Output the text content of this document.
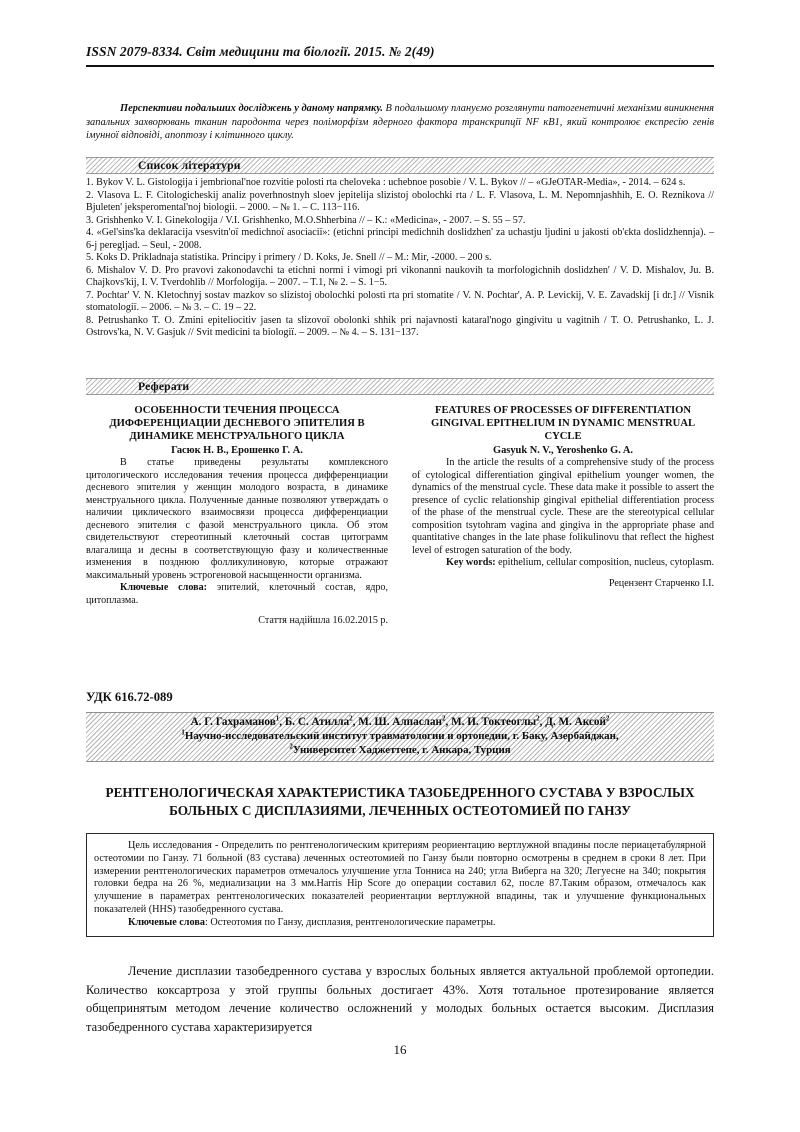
ISSN 2079-8334. Світ медицини та біології. 2015. № 2(49)

Перспективи подальших досліджень у даному напрямку. В подальшому плануємо розглянути патогенетичні механізми виникнення запальних захворювань тканин пародонта через поліморфізм ядерного фактора транскрипції NF кВ1, який контролює експресію генів імунної відповіді, апоптозу і клітинного циклу.

Список літератури

1. Bykov V. L. Gistologija i jembrional'noe rozvitie polosti rta cheloveka : uchebnoe posobie / V. L. Bykov // – «GJeOTAR-Media», - 2014. – 624 s.

2. Vlasova L. F. Citologicheskij analiz poverhnostnyh sloev jepitelija slizistoj obolochki rta / L. F. Vlasova, L. M. Nepomnjashhih, E. O. Reznikova // Bjuleten' jeksperomental'noj biologii. – 2000. – № 1. – С. 113−116.

3. Grishhenko V. I. Ginekologija / V.I. Grishhenko, M.O.Shherbina // – K.: «Medicina», - 2007. – S. 55 – 57.

4. «Gel'sins'ka deklaracija vsesvitn'oї medichnoї asociaciї»: (etichni principi medichnih doslidzhen' za uchastju ljudini u jakosti ob'єkta doslidzhennja). – 6-j peregljad. – Seul, - 2008.

5. Koks D. Prikladnaja statistika. Principy i primery / D. Koks, Je. Snell // – M.: Mir, -2000. – 200 s.

6. Mishalov V. D. Pro pravovi zakonodavchi ta etichni normi i vimogi pri vikonanni naukovih ta morfologichnih doslidzhen' / V. D. Mishalov, Ju. B. Chajkovs'kij, I. V. Tverdohlib // Morfologija. – 2007. – T.1, № 2. – S. 1−5.

7. Pochtar' V. N. Kletochnyj sostav mazkov so slizistoj obolochki polosti rta pri stomatite / V. N. Pochtar', A. P. Levickij, V. E. Zavadskij [i dr.] // Visnik stomatologiї. – 2006. – № 3. – С. 19 – 22.

8. Petrushanko T. O. Zmini epiteliocitiv jasen ta slizovoї obolonki shhik pri najavnosti kataral'nogo gingivitu u vagitnih / T. O. Petrushanko, L. J. Ostrovs'ka, N. V. Gasjuk // Svit medicini ta biologiї. – 2009. – № 4. – S. 131−137.

Реферати

ОСОБЕННОСТИ ТЕЧЕНИЯ ПРОЦЕССА ДИФФЕРЕНЦИАЦИИ ДЕСНЕВОГО ЭПИТЕЛИЯ В ДИНАМИКЕ МЕНСТРУАЛЬНОГО ЦИКЛА

Гасюк Н. В., Ерошенко Г. А.

В статье приведены результаты комплексного цитологического исследования течения процесса дифференциации десневого эпителия у женщин молодого возраста, в динамике менструального цикла. Полученные данные позволяют утверждать о наличии циклического взаимосвязи процесса дифференциации десневого эпителия с фазой менструального цикла. Об этом свидетельствуют стереотипный клеточный состав цитограмм влагалища и десны в соответствующую фазу и количественные изменения в позднюю фолликулиновую, которые отражают максимальный уровень эстрогеновой насыщенности организма.

Ключевые слова: эпителий, клеточный состав, ядро, цитоплазма.

Стаття надійшла 16.02.2015 р.

FEATURES OF PROCESSES OF DIFFERENTIATION GINGIVAL EPITHELIUM IN DYNAMIC MENSTRUAL CYCLE

Gasyuk N. V., Yeroshenko G. A.

In the article the results of a comprehensive study of the process of cytological differentiation gingival epithelium younger women, the dynamics of the menstrual cycle. These data make it possible to assert the presence of cyclic relationship gingival epithelial differentiation process of the phase of the menstrual cycle. These are the stereotypical cellular composition tsytohram vagina and gingiva in the appropriate phase and quantitative changes in the late phase folikulinovu that reflect the highest level of estrogen saturation of the body.

Key words: epithelium, cellular composition, nucleus, cytoplasm.

Рецензент Старченко І.І.

УДК 616.72-089

А. Г. Гахраманов$^1$, Б. С. Атилла$^2$, М. Ш. Алпаслан$^2$, М. И. Токтеоглы$^2$, Д. М. Аксой$^2$

$^1$Научно-исследовательский институт травматологии и ортопедии, г. Баку, Азербайджан,

$^2$Университет Хаджеттепе, г. Анкара, Турция

РЕНТГЕНОЛОГИЧЕСКАЯ ХАРАКТЕРИСТИКА ТАЗОБЕДРЕННОГО СУСТАВА У ВЗРОСЛЫХ БОЛЬНЫХ С ДИСПЛАЗИЯМИ, ЛЕЧЕННЫХ ОСТЕОТОМИЕЙ ПО ГАНЗУ

Цель исследования - Определить по рентгенологическим критериям реориентацию вертлужной впадины после периацетабулярной остеотомии по Ганзу. 71 больной (83 сустава) леченных остеотомией по Ганзу были повторно осмотрены в среднем в сроки 8 лет. При измерении рентгенологических параметров отмечалось улучшение угла Тонниса на 240; угла Виберга на 320; Легуесне на 340; покрытия головки бедра на 26 %, медиализации на 3 мм.Harris Hip Score до операции составил 62, после 87.Таким образом, отмечалось как улучшение в параметрах рентгенологических показателей реориентации вертлужной впадины, так и улучшение функциональных показателей (HHS) тазобедренного сустава.

Ключевые слова: Остеотомия по Ганзу, дисплазия, рентгенологические параметры.

Лечение дисплазии тазобедренного сустава у взрослых больных является актуальной проблемой ортопедии. Количество коксартроза у этой группы больных достигает 43%. Хотя тотальное протезирование является общепринятым методом лечение количество осложнений у молодых больных остается высоким. Дисплазия тазобедренного сустава характеризируется

16
